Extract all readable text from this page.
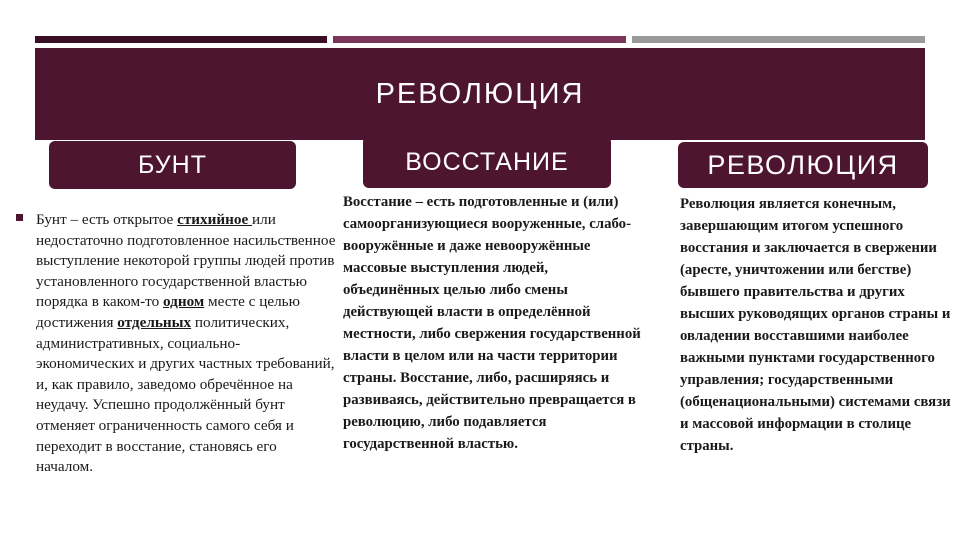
РЕВОЛЮЦИЯ
БУНТ	ВОССТАНИЕ	РЕВОЛЮЦИЯ
Бунт – есть открытое стихийное или недостаточно подготовленное насильственное выступление некоторой группы людей против установленного государственной властью порядка в каком-то одном месте с целью достижения отдельных политических, административных, социально-экономических и других частных требований, и, как правило, заведомо обречённое на неудачу. Успешно продолжённый бунт отменяет ограниченность самого себя и переходит в восстание, становясь его началом.
Восстание – есть подготовленные и (или) самоорганизующиеся вооруженные, слабо-вооружённые и даже невооружённые массовые выступления людей, объединённых целью либо смены действующей власти в определённой местности, либо свержения государственной власти в целом или на части территории страны. Восстание, либо, расширяясь и развиваясь, действительно превращается в революцию, либо подавляется государственной властью.
Революция является конечным, завершающим итогом успешного восстания и заключается в свержении (аресте, уничтожении или бегстве) бывшего правительства и других высших руководящих органов страны и овладении восставшими наиболее важными пунктами государственного управления; государственными (общенациональными) системами связи и массовой информации в столице страны.
